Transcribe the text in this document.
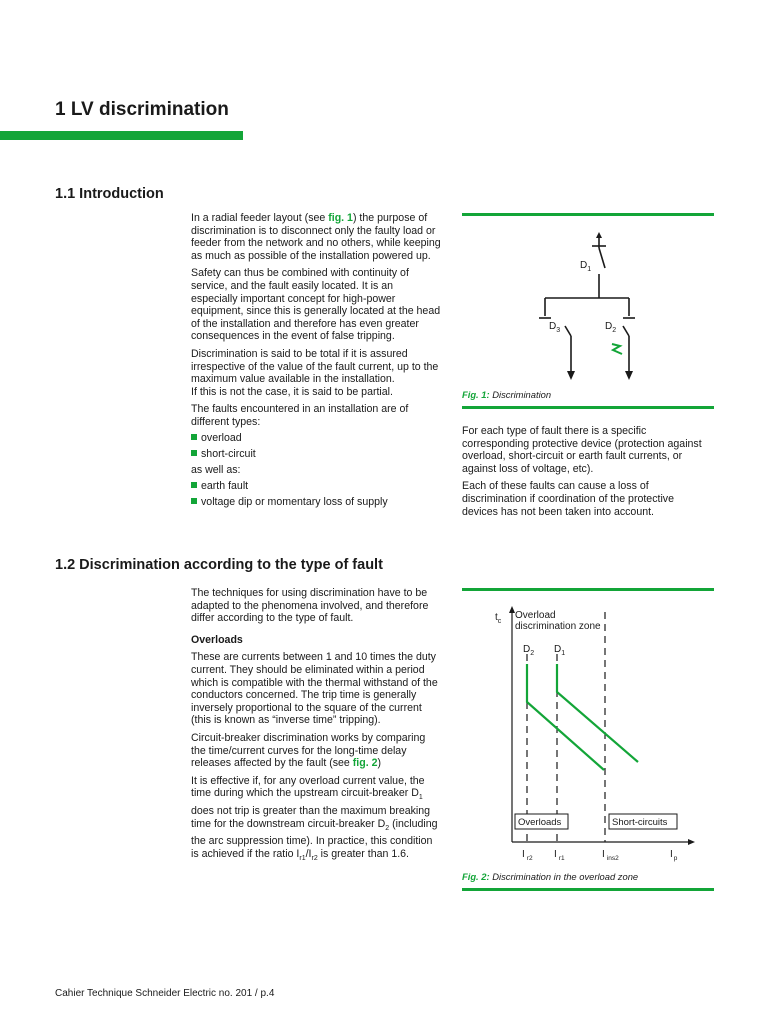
1 LV discrimination
1.1 Introduction

In a radial feeder layout (see fig. 1) the purpose of discrimination is to disconnect only the faulty load or feeder from the network and no others, while keeping as much as possible of the installation powered up.

Safety can thus be combined with continuity of service, and the fault easily located. It is an especially important concept for high-power equipment, since this is generally located at the head of the installation and therefore has even greater consequences in the event of false tripping.

Discrimination is said to be total if it is assured irrespective of the value of the fault current, up to the maximum value available in the installation.

If this is not the case, it is said to be partial.

The faults encountered in an installation are of different types:

overload
short-circuit
as well as:
earth fault
voltage dip or momentary loss of supply
$D_1$
$D_3$	$D_2$
Fig. 1: Discrimination

For each type of fault there is a specific corresponding protective device (protection against overload, short-circuit or earth fault currents, or against loss of voltage, etc).

Each of these faults can cause a loss of discrimination if coordination of the protective devices has not been taken into account.

1.2 Discrimination according to the type of fault

The techniques for using discrimination have to be adapted to the phenomena involved, and therefore differ according to the type of fault.

Overloads

These are currents between 1 and 10 times the duty current. They should be eliminated within a period which is compatible with the thermal withstand of the conductors concerned. The trip time is generally inversely proportional to the square of the current (this is known as “inverse time” tripping).

Circuit-breaker discrimination works by comparing the time/current curves for the long-time delay releases affected by the fault (see fig. 2)

It is effective if, for any overload current value, the time during which the upstream circuit-breaker $D_1$ does not trip is greater than the maximum breaking time for the downstream circuit-breaker $D_2$ (including the arc suppression time). In practice, this condition is achieved if the ratio $I_{r1}/I_{r2}$ is greater than 1.6.

$t_c$
Overload
discrimination zone
$D_2$ $D_1$
Overloads	Short-circuits
I $_{r2}$ I $_{r1}$	I $_{ins2}$	$I_p$
Fig. 2: Discrimination in the overload zone
Cahier Technique Schneider Electric no. 201 / p.4
